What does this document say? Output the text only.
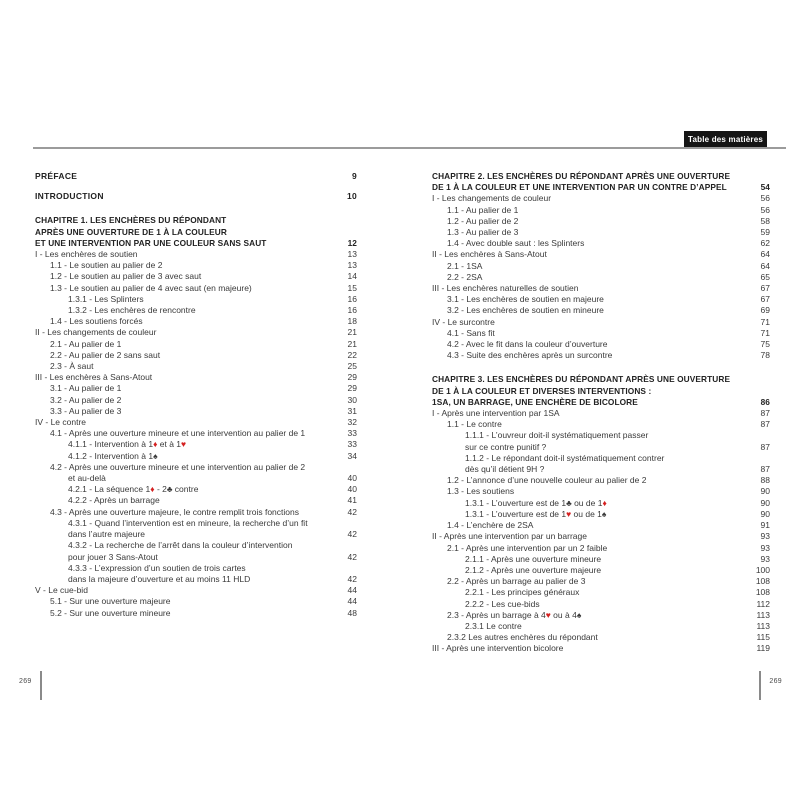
Table des matières
PRÉFACE	9
INTRODUCTION	10
CHAPITRE 1. LES ENCHÈRES DU RÉPONDANT
APRÈS UNE OUVERTURE DE 1 À LA COULEUR
ET UNE INTERVENTION PAR UNE COULEUR SANS SAUT	12
I - Les enchères de soutien	13
1.1 - Le soutien au palier de 2	13
1.2 - Le soutien au palier de 3 avec saut	14
1.3 - Le soutien au palier de 4 avec saut (en majeure)	15
1.3.1 - Les Splinters	16
1.3.2 - Les enchères de rencontre	16
1.4 - Les soutiens forcés	18
II - Les changements de couleur	21
2.1 - Au palier de 1	21
2.2 - Au palier de 2 sans saut	22
2.3 - À saut	25
III - Les enchères à Sans-Atout	29
3.1 - Au palier de 1	29
3.2 - Au palier de 2	30
3.3 - Au palier de 3	31
IV - Le contre	32
4.1 - Après une ouverture mineure et une intervention au palier de 1	33
4.1.1 - Intervention à 1♦ et à 1♥	33
4.1.2 - Intervention à 1♠	34
4.2 - Après une ouverture mineure et une intervention au palier de 2
et au-delà	40
4.2.1 - La séquence 1♦ - 2♣ contre	40
4.2.2 - Après un barrage	41
4.3 - Après une ouverture majeure, le contre remplit trois fonctions	42
4.3.1 - Quand l’intervention est en mineure, la recherche d’un fit
dans l’autre majeure	42
4.3.2 - La recherche de l’arrêt dans la couleur d’intervention
pour jouer 3 Sans-Atout	42
4.3.3 - L’expression d’un soutien de trois cartes
dans la majeure d’ouverture et au moins 11 HLD	42
V - Le cue-bid	44
5.1 - Sur une ouverture majeure	44
5.2 - Sur une ouverture mineure	48
CHAPITRE 2. LES ENCHÈRES DU RÉPONDANT APRÈS UNE OUVERTURE
DE 1 À LA COULEUR ET UNE INTERVENTION PAR UN CONTRE D’APPEL	54
I - Les changements de couleur	56
1.1 - Au palier de 1	56
1.2 - Au palier de 2	58
1.3 - Au palier de 3	59
1.4 - Avec double saut : les Splinters	62
II - Les enchères à Sans-Atout	64
2.1 - 1SA	64
2.2 - 2SA	65
III - Les enchères naturelles de soutien	67
3.1 - Les enchères de soutien en majeure	67
3.2 - Les enchères de soutien en mineure	69
IV - Le surcontre	71
4.1 - Sans fit	71
4.2 - Avec le fit dans la couleur d’ouverture	75
4.3 - Suite des enchères après un surcontre	78
CHAPITRE 3. LES ENCHÈRES DU RÉPONDANT APRÈS UNE OUVERTURE
DE 1 À LA COULEUR ET DIVERSES INTERVENTIONS :
1SA, UN BARRAGE, UNE ENCHÈRE DE BICOLORE	86
I - Après une intervention par 1SA	87
1.1 - Le contre	87
1.1.1 - L’ouvreur doit-il systématiquement passer
sur ce contre punitif ?	87
1.1.2 - Le répondant doit-il systématiquement contrer
dès qu’il détient 9H ?	87
1.2 - L’annonce d’une nouvelle couleur au palier de 2	88
1.3 - Les soutiens	90
1.3.1 - L’ouverture est de 1♣ ou de 1♦	90
1.3.1 - L’ouverture est de 1♥ ou de 1♠	90
1.4 - L’enchère de 2SA	91
II - Après une intervention par un barrage	93
2.1 - Après une intervention par un 2 faible	93
2.1.1 - Après une ouverture mineure	93
2.1.2 - Après une ouverture majeure	100
2.2 - Après un barrage au palier de 3	108
2.2.1 - Les principes généraux	108
2.2.2 - Les cue-bids	112
2.3 - Après un barrage à 4♥ ou à 4♠	113
2.3.1 Le contre	113
2.3.2 Les autres enchères du répondant	115
III - Après une intervention bicolore	119
269	269
